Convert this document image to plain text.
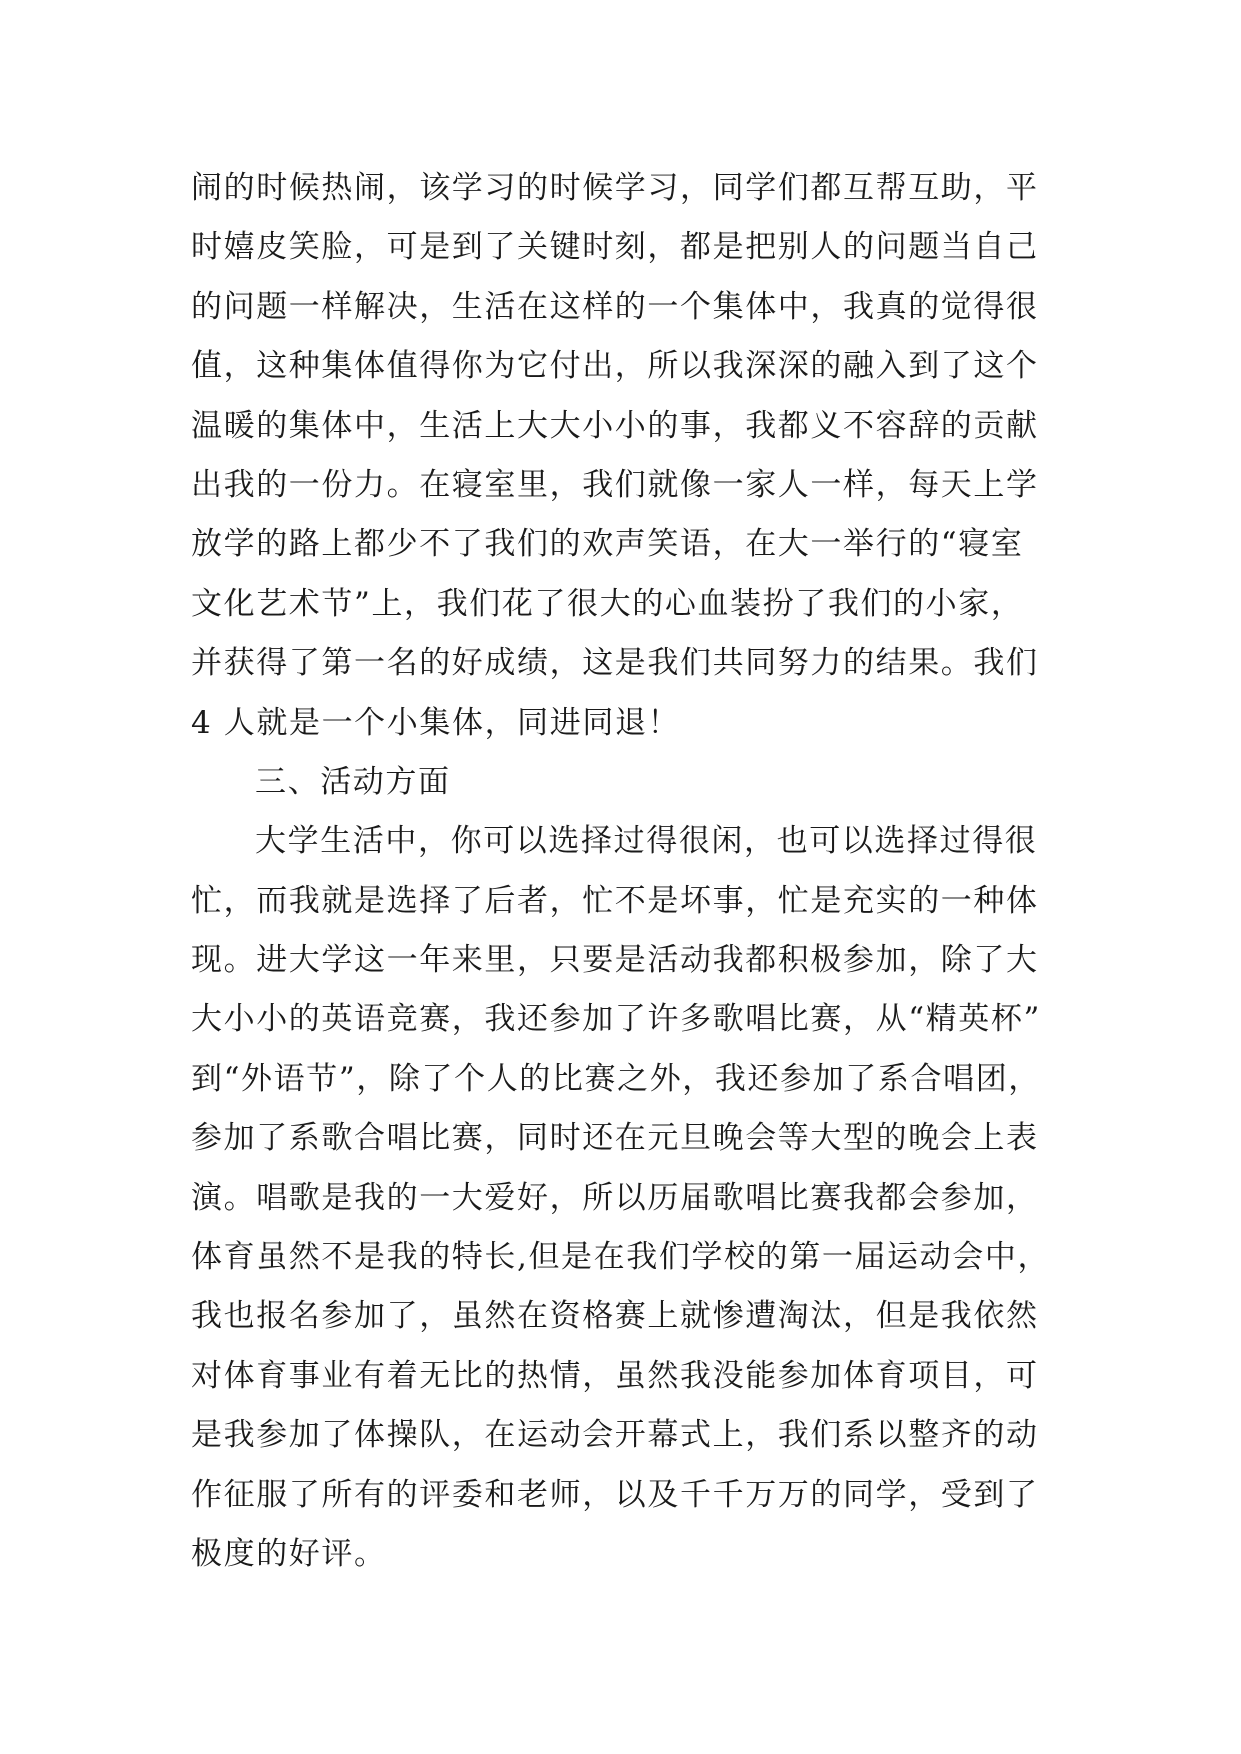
闹的时候热闹，该学习的时候学习，同学们都互帮互助，平
时嬉皮笑脸，可是到了关键时刻，都是把别人的问题当自己
的问题一样解决，生活在这样的一个集体中，我真的觉得很
值，这种集体值得你为它付出，所以我深深的融入到了这个
温暖的集体中，生活上大大小小的事，我都义不容辞的贡献
出我的一份力。在寝室里，我们就像一家人一样，每天上学
放学的路上都少不了我们的欢声笑语，在大一举行的“寝室
文化艺术节”上，我们花了很大的心血装扮了我们的小家，
并获得了第一名的好成绩，这是我们共同努力的结果。我们
4 人就是一个小集体，同进同退！
三、活动方面
大学生活中，你可以选择过得很闲，也可以选择过得很
忙，而我就是选择了后者，忙不是坏事，忙是充实的一种体
现。进大学这一年来里，只要是活动我都积极参加，除了大
大小小的英语竞赛，我还参加了许多歌唱比赛，从“精英杯”
到“外语节”，除了个人的比赛之外，我还参加了系合唱团，
参加了系歌合唱比赛，同时还在元旦晚会等大型的晚会上表
演。唱歌是我的一大爱好，所以历届歌唱比赛我都会参加，
体育虽然不是我的特长,但是在我们学校的第一届运动会中，
我也报名参加了，虽然在资格赛上就惨遭淘汰，但是我依然
对体育事业有着无比的热情，虽然我没能参加体育项目，可
是我参加了体操队，在运动会开幕式上，我们系以整齐的动
作征服了所有的评委和老师，以及千千万万的同学，受到了
极度的好评。
